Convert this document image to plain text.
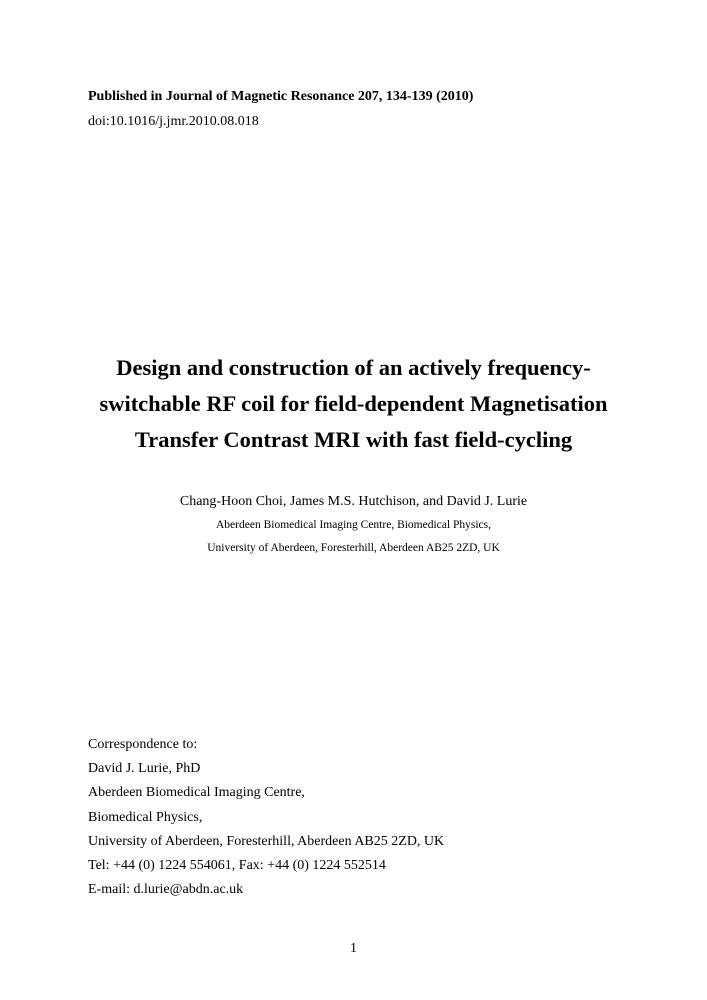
Published in Journal of Magnetic Resonance 207, 134-139 (2010)
doi:10.1016/j.jmr.2010.08.018
Design and construction of an actively frequency-
switchable RF coil for field-dependent Magnetisation
Transfer Contrast MRI with fast field-cycling
Chang-Hoon Choi, James M.S. Hutchison, and David J. Lurie
Aberdeen Biomedical Imaging Centre, Biomedical Physics,
University of Aberdeen, Foresterhill, Aberdeen AB25 2ZD, UK
Correspondence to:
David J. Lurie, PhD
Aberdeen Biomedical Imaging Centre,
Biomedical Physics,
University of Aberdeen, Foresterhill, Aberdeen AB25 2ZD, UK
Tel: +44 (0) 1224 554061, Fax: +44 (0) 1224 552514
E-mail: d.lurie@abdn.ac.uk
1
